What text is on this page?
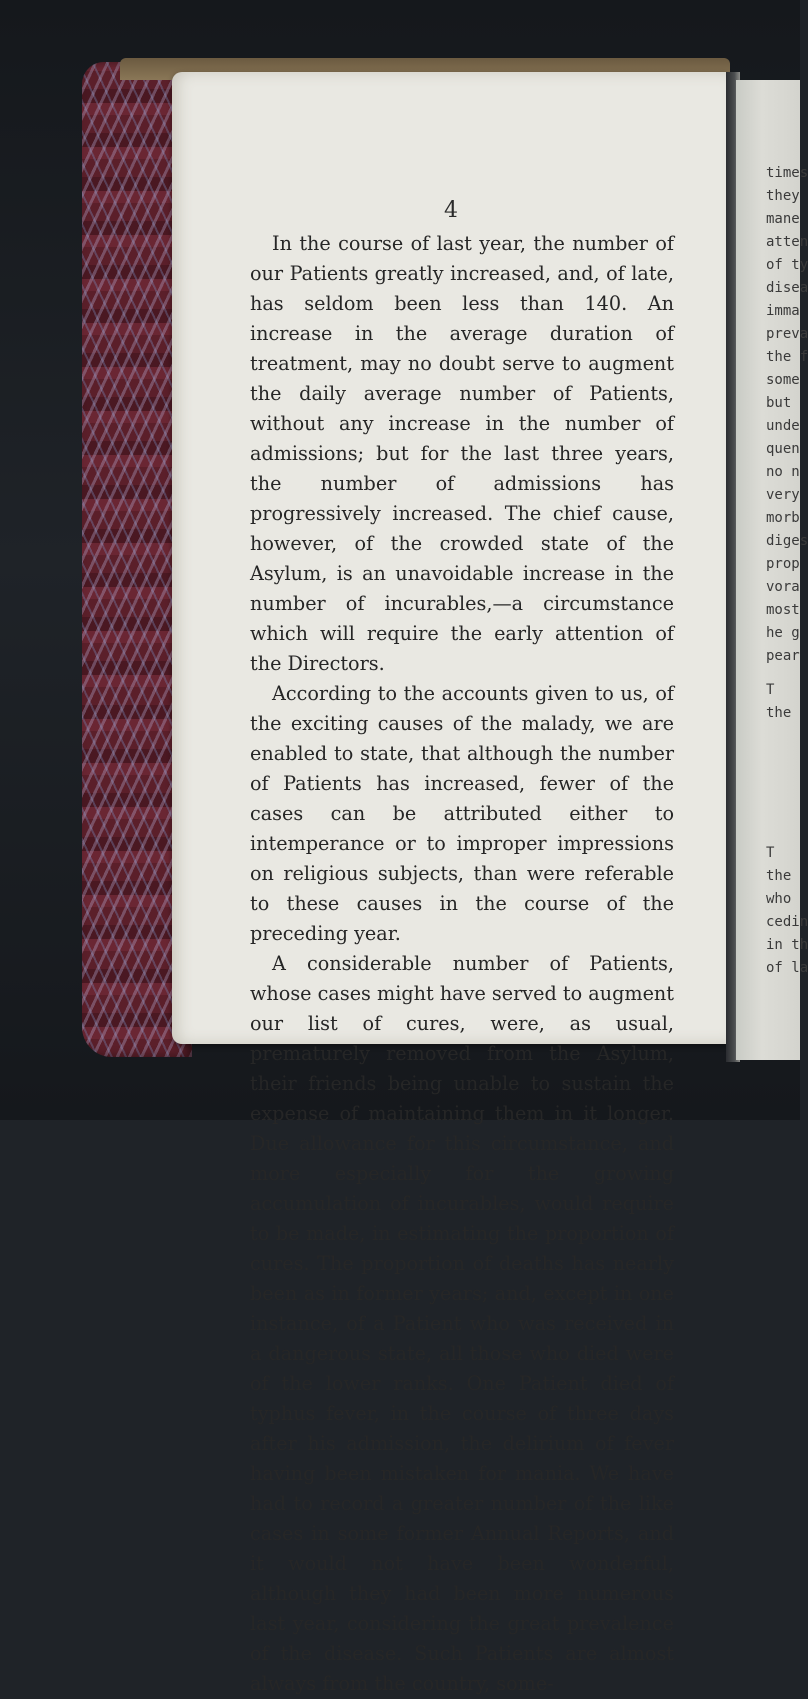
4

In the course of last year, the number of our Patients greatly increased, and, of late, has seldom been less than 140. An increase in the average duration of treatment, may no doubt serve to augment the daily average number of Patients, without any increase in the number of admissions; but for the last three years, the number of admissions has progressively increased. The chief cause, however, of the crowded state of the Asylum, is an unavoidable increase in the number of incurables,—a circumstance which will require the early attention of the Directors.

According to the accounts given to us, of the exciting causes of the malady, we are enabled to state, that although the number of Patients has increased, fewer of the cases can be attributed either to intemperance or to improper impressions on religious subjects, than were referable to these causes in the course of the preceding year.

A considerable number of Patients, whose cases might have served to augment our list of cures, were, as usual, prematurely removed from the Asylum, their friends being unable to sustain the expense of maintaining them in it longer. Due allowance for this circumstance, and more especially for the growing accumulation of incurables, would require to be made, in estimating the proportion of cures. The proportion of deaths has nearly been as in former years; and, except in one instance, of a Patient who was received in a dangerous state, all those who died were of the lower ranks. One Patient died of typhus fever, in the course of three days after his admission, the delirium of fever having been mistaken for mania. We have had to record a greater number of the like cases in some former Annual Reports, and it would not have been wonderful, although they had been more numerous last year, considering the great prevalence of the disease. Such Patients are almost always from the country, some-

times
they
mane
atten
of ty
disea
imma
preva
the f
some
but
unde
quen
no n
very
morb
diges
prop
vora
most
he g
pear
T
the
T
the
who
cedin
in th
of la
